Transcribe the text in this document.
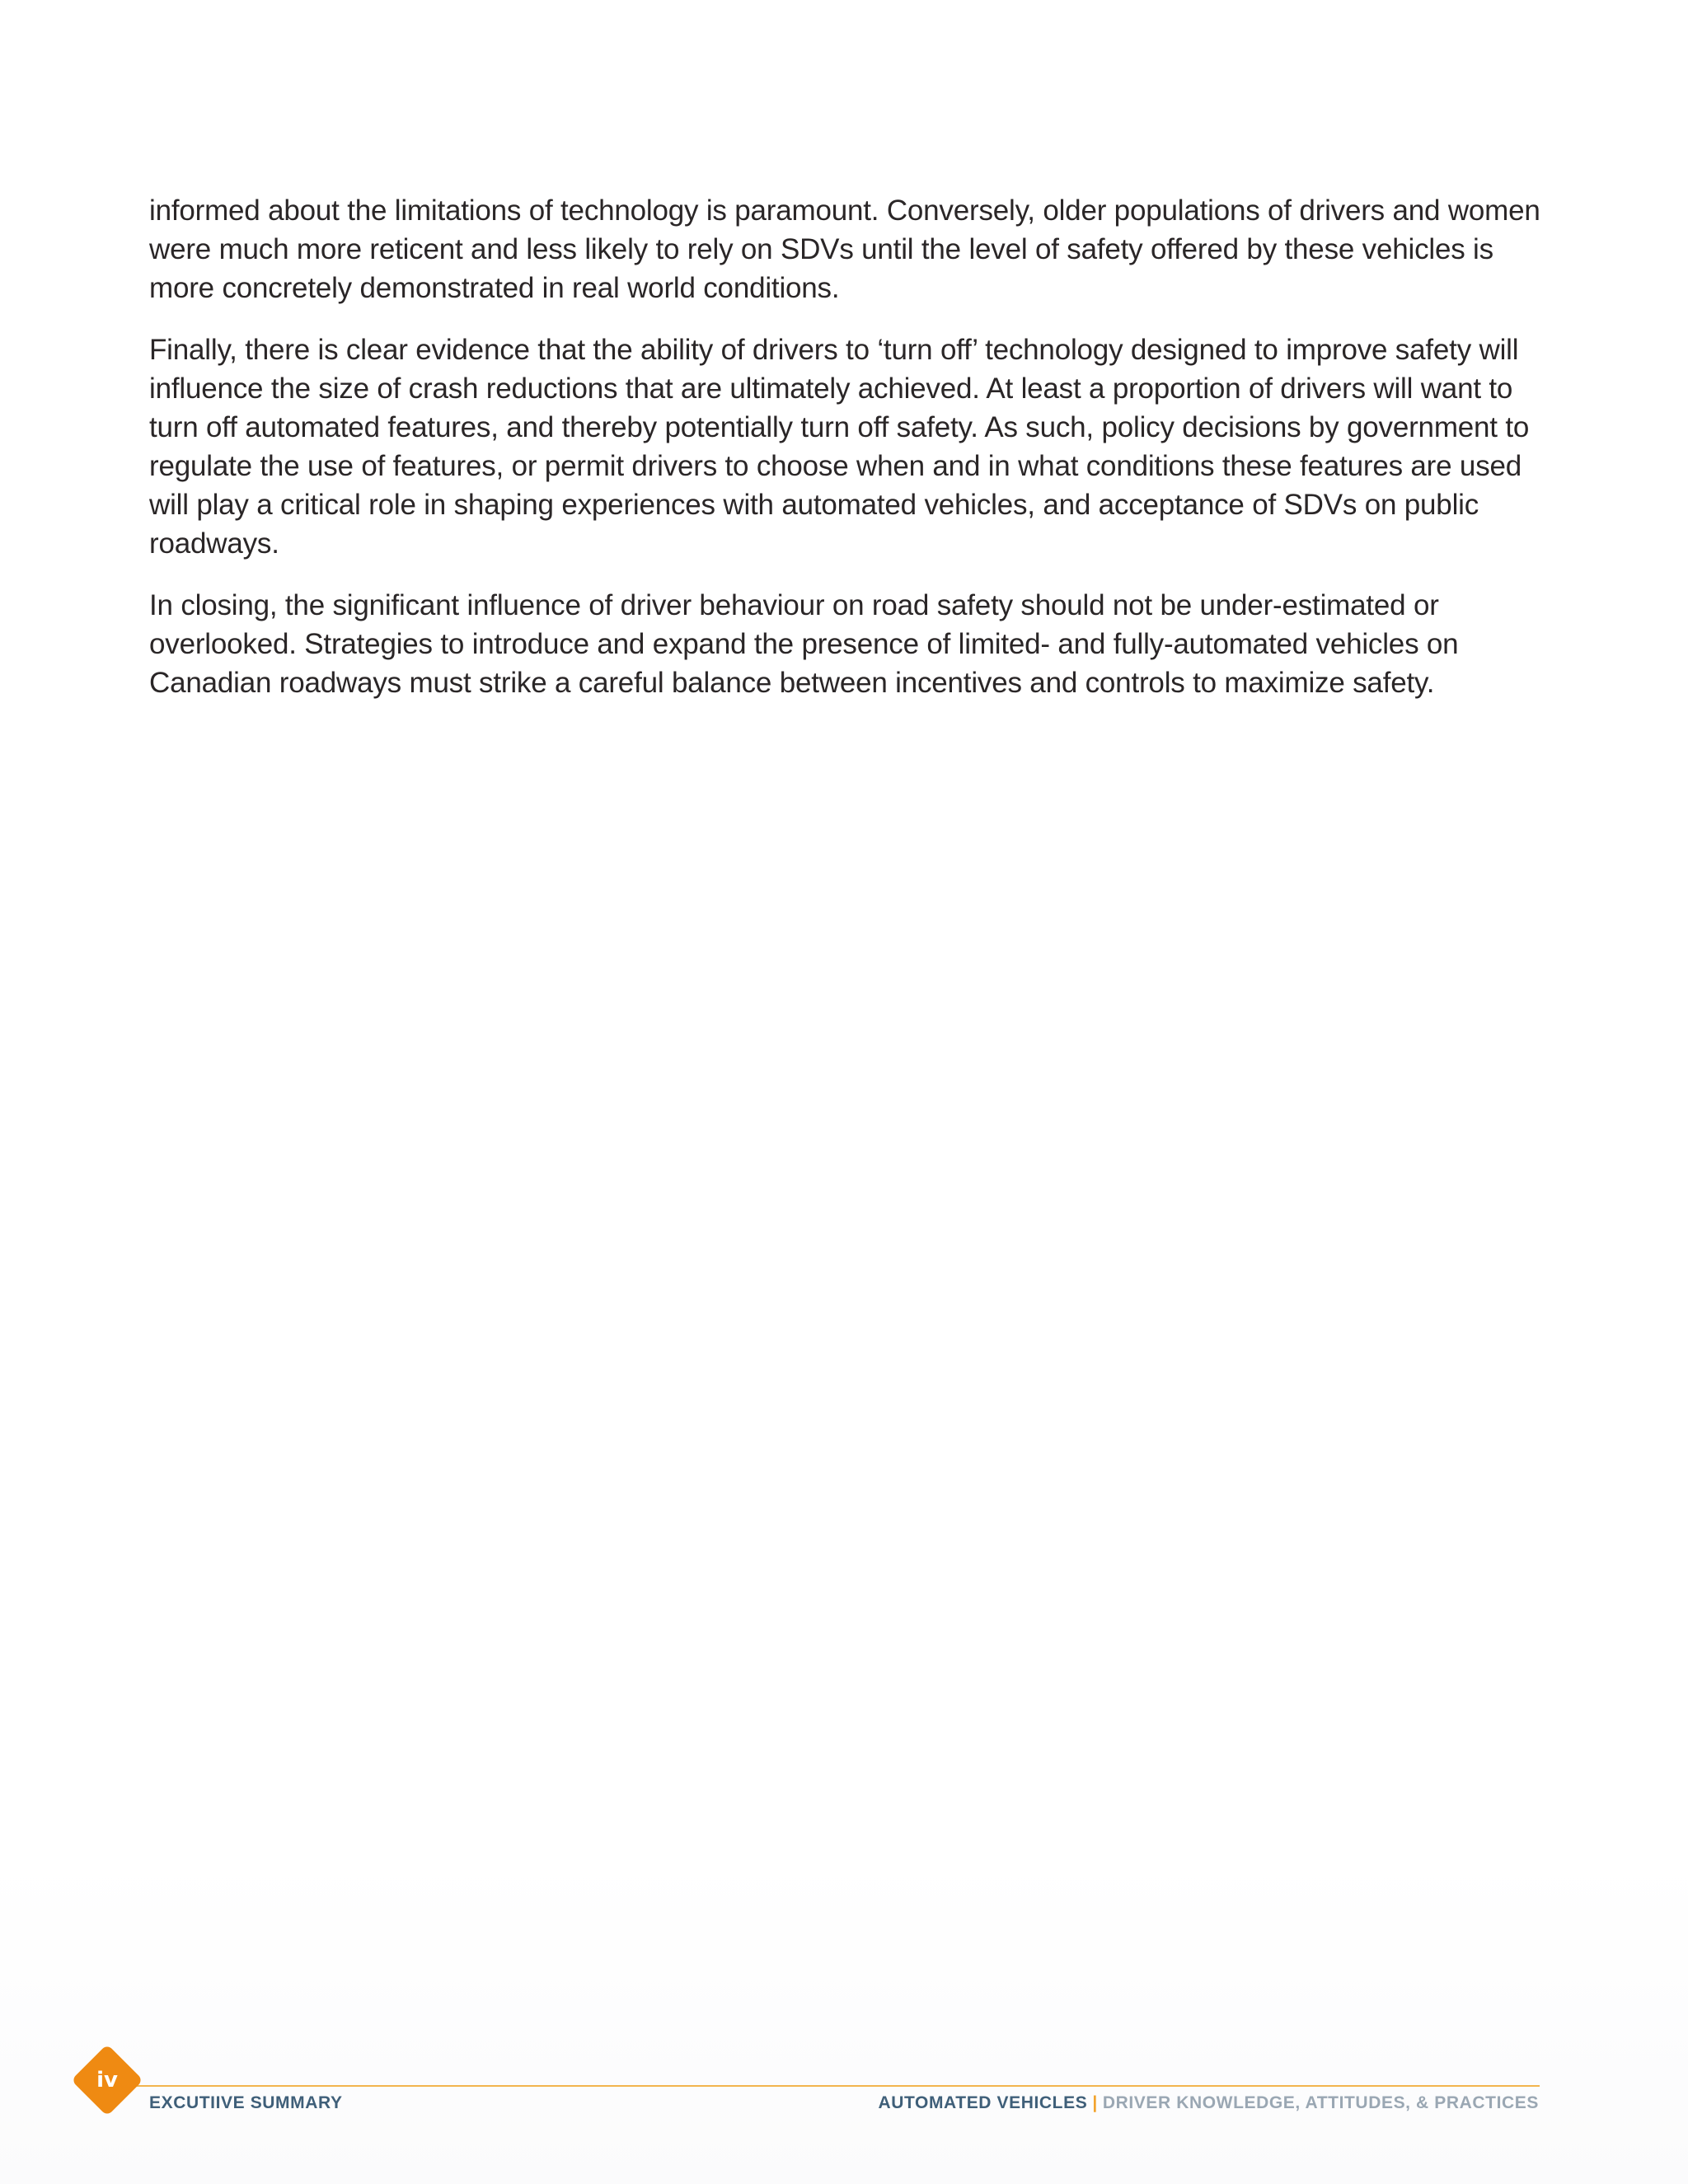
informed about the limitations of technology is paramount. Conversely, older populations of drivers and women were much more reticent and less likely to rely on SDVs until the level of safety offered by these vehicles is more concretely demonstrated in real world conditions.

Finally, there is clear evidence that the ability of drivers to ‘turn off’ technology designed to improve safety will influence the size of crash reductions that are ultimately achieved. At least a proportion of drivers will want to turn off automated features, and thereby potentially turn off safety. As such, policy decisions by government to regulate the use of features, or permit drivers to choose when and in what conditions these features are used will play a critical role in shaping experiences with automated vehicles, and acceptance of SDVs on public roadways.

In closing, the significant influence of driver behaviour on road safety should not be under-estimated or overlooked. Strategies to introduce and expand the presence of limited- and fully-automated vehicles on Canadian roadways must strike a careful balance between incentives and controls to maximize safety.

iv
EXCUTIIVE SUMMARY	AUTOMATED VEHICLES | DRIVER KNOWLEDGE, ATTITUDES, & PRACTICES
